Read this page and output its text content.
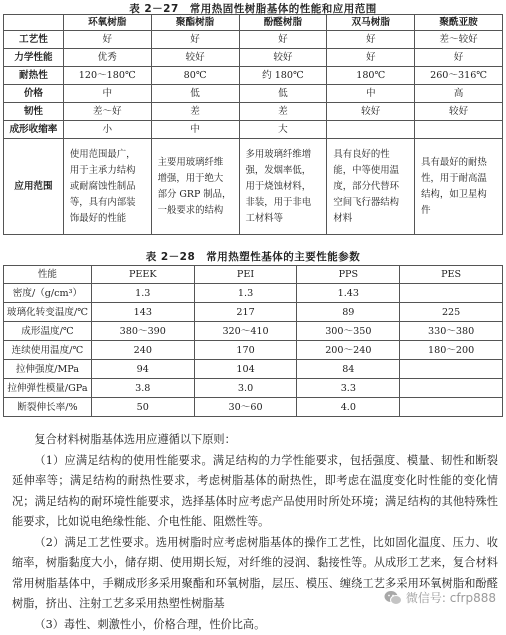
表 2－27　常用热固性树脂基体的性能和应用范围
	环氧树脂	聚酯树脂	酚醛树脂	双马树脂	聚酰亚胺
工艺性	好	好	好	好	差～较好
力学性能	优秀	较好	较好	好	好
耐热性	120～180℃	80℃	约 180℃	180℃	260～316℃
价格	中	低	低	中	高
韧性	差～好	差	差	较好	较好
成形收缩率	小	中	大		
应用范围	使用范围最广，用于主承力结构或耐腐蚀性制品等，具有内部装饰最好的性能	主要用玻璃纤维增强，用于绝大部分 GRP 制品，一般要求的结构	多用玻璃纤维增强，发烟率低，用于烧蚀材料，非装，用于非电工材料等	具有良好的性能，中等使用温度，部分代替环空间飞行器结构材料	具有最好的耐热性，用于耐高温结构，如卫星构件
表 2－28　常用热塑性基体的主要性能参数
性能	PEEK	PEI	PPS	PES
密度/（g/cm³）	1.3	1.3	1.43	
玻璃化转变温度/℃	143	217	89	225
成形温度/℃	380～390	320～410	300～350	330～380
连续使用温度/℃	240	170	200～240	180～200
拉伸强度/MPa	94	104	84	
拉伸弹性模量/GPa	3.8	3.0	3.3	
断裂伸长率/%	50	30～60	4.0	

复合材料树脂基体选用应遵循以下原则：

（1）应满足结构的使用性能要求。满足结构的力学性能要求，包括强度、模量、韧性和断裂延伸率等；满足结构的耐热性要求，考虑树脂基体的耐热性，即考虑在温度变化时性能的变化情况；满足结构的耐环境性能要求，选择基体时应考虑产品使用时所处环境；满足结构的其他特殊性能要求，比如说电绝缘性能、介电性能、阻燃性等。

（2）满足工艺性要求。选用树脂时应考虑树脂基体的操作工艺性，比如固化温度、压力、收缩率，树脂黏度大小，储存期、使用期长短，对纤维的浸润、黏接性等。从成形工艺来，复合材料常用树脂基体中，手糊成形多采用聚酯和环氧树脂，层压、模压、缠绕工艺多采用环氧树脂和酚醛树脂，挤出、注射工艺多采用热塑性树脂基

（3）毒性、刺激性小，价格合理，性价比高。

微信号: cfrp888
